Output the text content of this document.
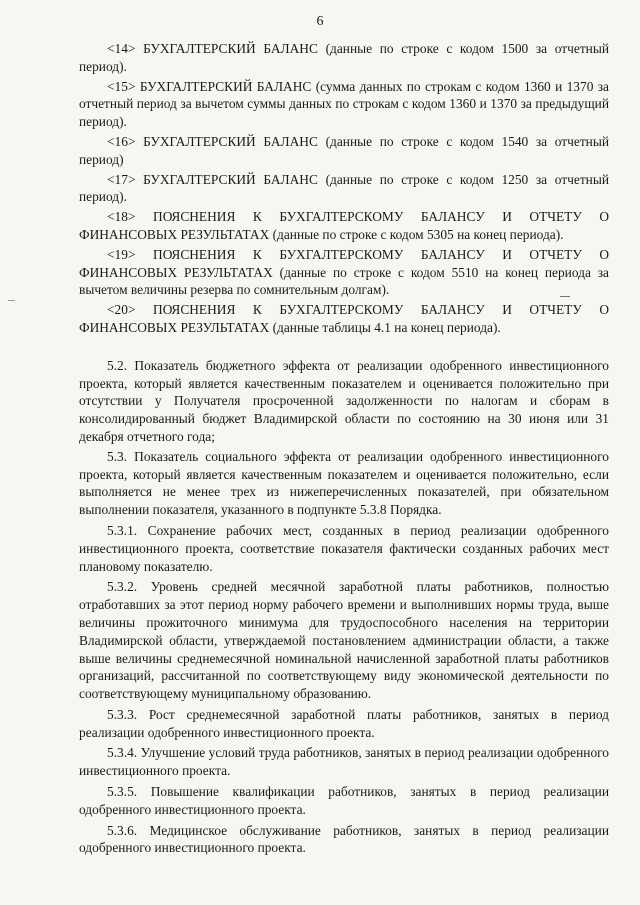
6

<14> БУХГАЛТЕРСКИЙ БАЛАНС (данные по строке с кодом 1500 за отчетный период).

<15> БУХГАЛТЕРСКИЙ БАЛАНС (сумма данных по строкам с кодом 1360 и 1370 за отчетный период за вычетом суммы данных по строкам с кодом 1360 и 1370 за предыдущий период).

<16> БУХГАЛТЕРСКИЙ БАЛАНС (данные по строке с кодом 1540 за отчетный период)

<17> БУХГАЛТЕРСКИЙ БАЛАНС (данные по строке с кодом 1250 за отчетный период).

<18> ПОЯСНЕНИЯ К БУХГАЛТЕРСКОМУ БАЛАНСУ И ОТЧЕТУ О ФИНАНСОВЫХ РЕЗУЛЬТАТАХ (данные по строке с кодом 5305 на конец периода).

<19> ПОЯСНЕНИЯ К БУХГАЛТЕРСКОМУ БАЛАНСУ И ОТЧЕТУ О ФИНАНСОВЫХ РЕЗУЛЬТАТАХ (данные по строке с кодом 5510 на конец периода за вычетом величины резерва по сомнительным долгам).

<20> ПОЯСНЕНИЯ К БУХГАЛТЕРСКОМУ БАЛАНСУ И ОТЧЕТУ О ФИНАНСОВЫХ РЕЗУЛЬТАТАХ (данные таблицы 4.1 на конец периода).

5.2. Показатель бюджетного эффекта от реализации одобренного инвестиционного проекта, который является качественным показателем и оценивается положительно при отсутствии у Получателя просроченной задолженности по налогам и сборам в консолидированный бюджет Владимирской области по состоянию на 30 июня или 31 декабря отчетного года;

5.3. Показатель социального эффекта от реализации одобренного инвестиционного проекта, который является качественным показателем и оценивается положительно, если выполняется не менее трех из нижеперечисленных показателей, при обязательном выполнении показателя, указанного в подпункте 5.3.8 Порядка.

5.3.1. Сохранение рабочих мест, созданных в период реализации одобренного инвестиционного проекта, соответствие показателя фактически созданных рабочих мест плановому показателю.

5.3.2. Уровень средней месячной заработной платы работников, полностью отработавших за этот период норму рабочего времени и выполнивших нормы труда, выше величины прожиточного минимума для трудоспособного населения на территории Владимирской области, утверждаемой постановлением администрации области, а также выше величины среднемесячной номинальной начисленной заработной платы работников организаций, рассчитанной по соответствующему виду экономической деятельности по соответствующему муниципальному образованию.

5.3.3. Рост среднемесячной заработной платы работников, занятых в период реализации одобренного инвестиционного проекта.

5.3.4. Улучшение условий труда работников, занятых в период реализации одобренного инвестиционного проекта.

5.3.5. Повышение квалификации работников, занятых в период реализации одобренного инвестиционного проекта.

5.3.6. Медицинское обслуживание работников, занятых в период реализации одобренного инвестиционного проекта.
